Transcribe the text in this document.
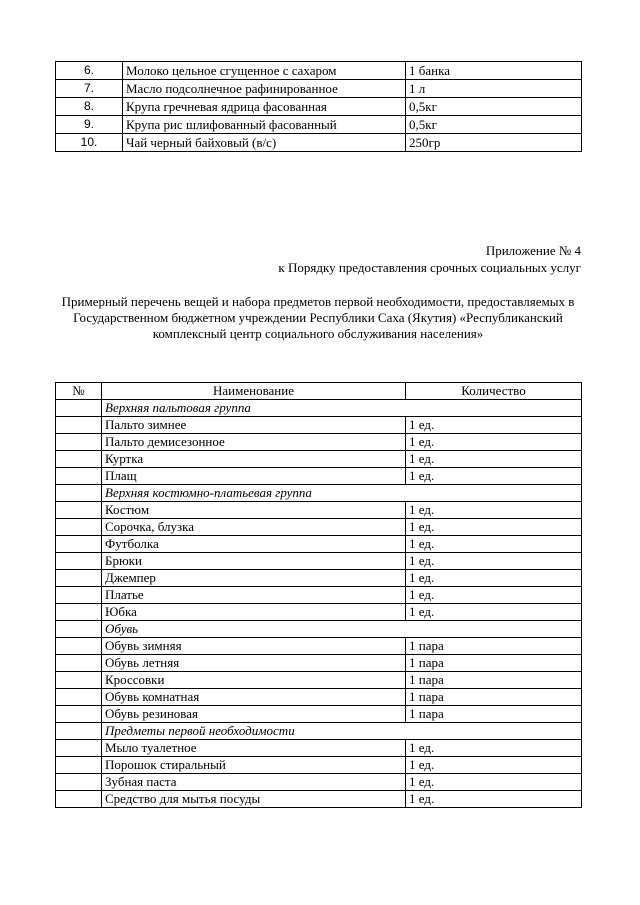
6.	Молоко цельное сгущенное с сахаром	1 банка
7.	Масло подсолнечное рафинированное	1 л
8.	Крупа гречневая ядрица фасованная	0,5кг
9.	Крупа рис шлифованный фасованный	0,5кг
10.	Чай черный байховый (в/с)	250гр
Приложение № 4
к Порядку предоставления срочных социальных услуг
Примерный перечень вещей и набора предметов первой необходимости, предоставляемых в Государственном бюджетном учреждении Республики Саха (Якутия) «Республиканский комплексный центр социального обслуживания населения»
№	Наименование	Количество
	Верхняя пальтовая группа	
	Пальто зимнее	1 ед.
	Пальто демисезонное	1 ед.
	Куртка	1 ед.
	Плащ	1 ед.
	Верхняя костюмно-платьевая группа	
	Костюм	1 ед.
	Сорочка, блузка	1 ед.
	Футболка	1 ед.
	Брюки	1 ед.
	Джемпер	1 ед.
	Платье	1 ед.
	Юбка	1 ед.
	Обувь	
	Обувь зимняя	1 пара
	Обувь летняя	1 пара
	Кроссовки	1 пара
	Обувь комнатная	1 пара
	Обувь резиновая	1 пара
	Предметы первой необходимости	
	Мыло туалетное	1 ед.
	Порошок стиральный	1 ед.
	Зубная паста	1 ед.
	Средство для мытья посуды	1 ед.
